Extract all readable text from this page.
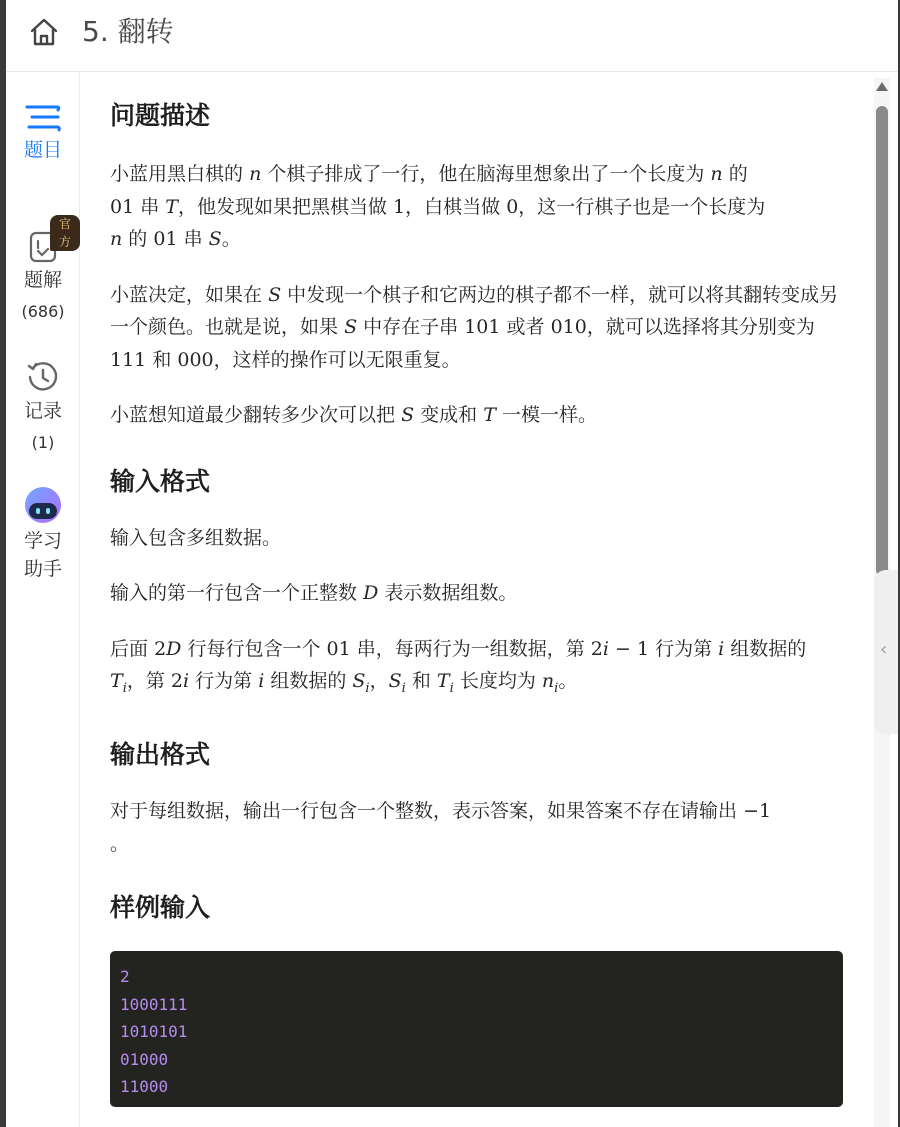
5. 翻转
题目
官方
题解
(686)
记录
(1)
学习
助手
问题描述

小蓝用黑白棋的 n 个棋子排成了一行，他在脑海里想象出了一个长度为 n 的
01 串 T，他发现如果把黑棋当做 1，白棋当做 0，这一行棋子也是一个长度为
n 的 01 串 S。

小蓝决定，如果在 S 中发现一个棋子和它两边的棋子都不一样，就可以将其翻转变成另一个颜色。也就是说，如果 S 中存在子串 101 或者 010，就可以选择将其分别变为 111 和 000，这样的操作可以无限重复。

小蓝想知道最少翻转多少次可以把 S 变成和 T 一模一样。

输入格式

输入包含多组数据。

输入的第一行包含一个正整数 D 表示数据组数。

后面 2D 行每行包含一个 01 串，每两行为一组数据，第 2i − 1 行为第 i 组数据的
$T_i$，第 2i 行为第 i 组数据的 $S_i$，$S_i$ 和 $T_i$ 长度均为 $n_i$。

输出格式

对于每组数据，输出一行包含一个整数，表示答案，如果答案不存在请输出 −1
。

样例输入
2
1000111
1010101
01000
11000
‹
